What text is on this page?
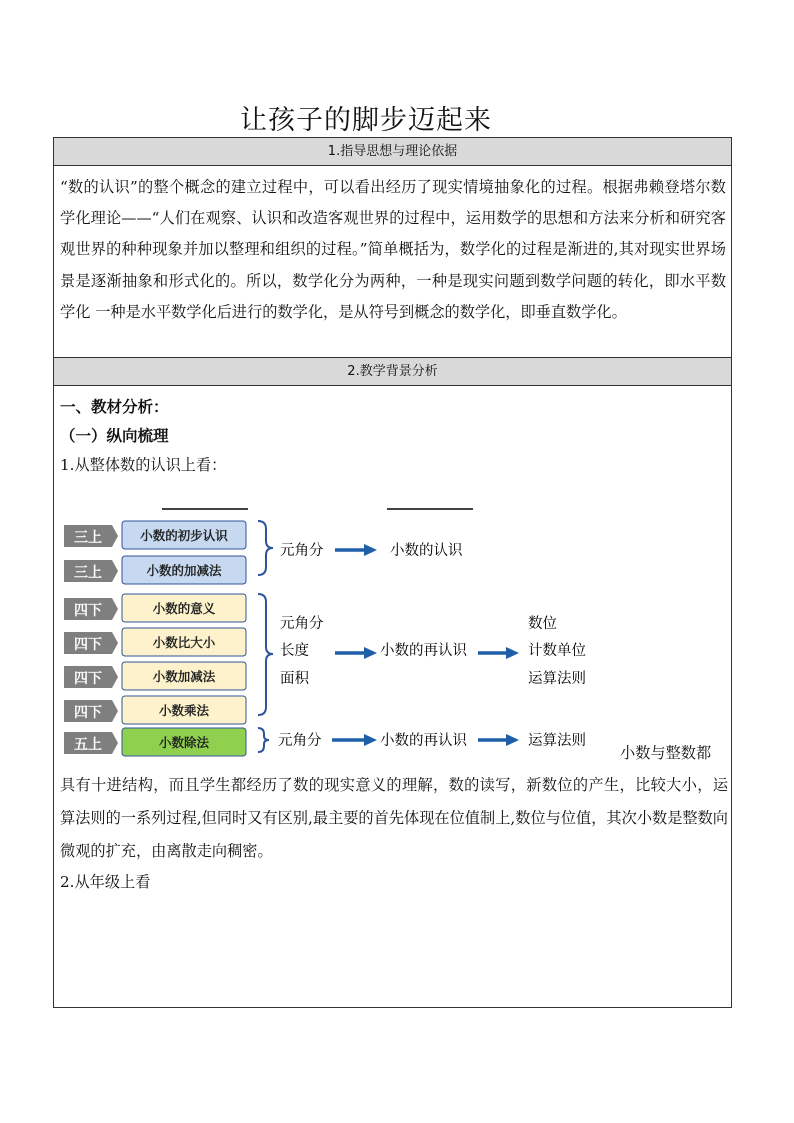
让孩子的脚步迈起来
1.指导思想与理论依据
“数的认识”的整个概念的建立过程中，可以看出经历了现实情境抽象化的过程。根据弗赖登塔尔数学化理论——“人们在观察、认识和改造客观世界的过程中，运用数学的思想和方法来分析和研究客观世界的种种现象并加以整理和组织的过程。”简单概括为，数学化的过程是渐进的,其对现实世界场景是逐渐抽象和形式化的。所以，数学化分为两种，一种是现实问题到数学问题的转化，即水平数学化 一种是水平数学化后进行的数学化，是从符号到概念的数学化，即垂直数学化。
2.教学背景分析
一、教材分析：
（一）纵向梳理
1.从整体数的认识上看：
三上	小数的初步认识
三上	小数的加减法
四下	小数的意义
四下	小数比大小
四下	小数加减法
四下	小数乘法
五上	小数除法
元角分	小数的认识
元角分
长度
面积
小数的再认识
数位
计数单位
运算法则
元角分	小数的再认识	运算法则
小数与整数都
具有十进结构，而且学生都经历了数的现实意义的理解，数的读写，新数位的产生，比较大小，运算法则的一系列过程,但同时又有区别,最主要的首先体现在位值制上,数位与位值，其次小数是整数向微观的扩充，由离散走向稠密。
2.从年级上看
